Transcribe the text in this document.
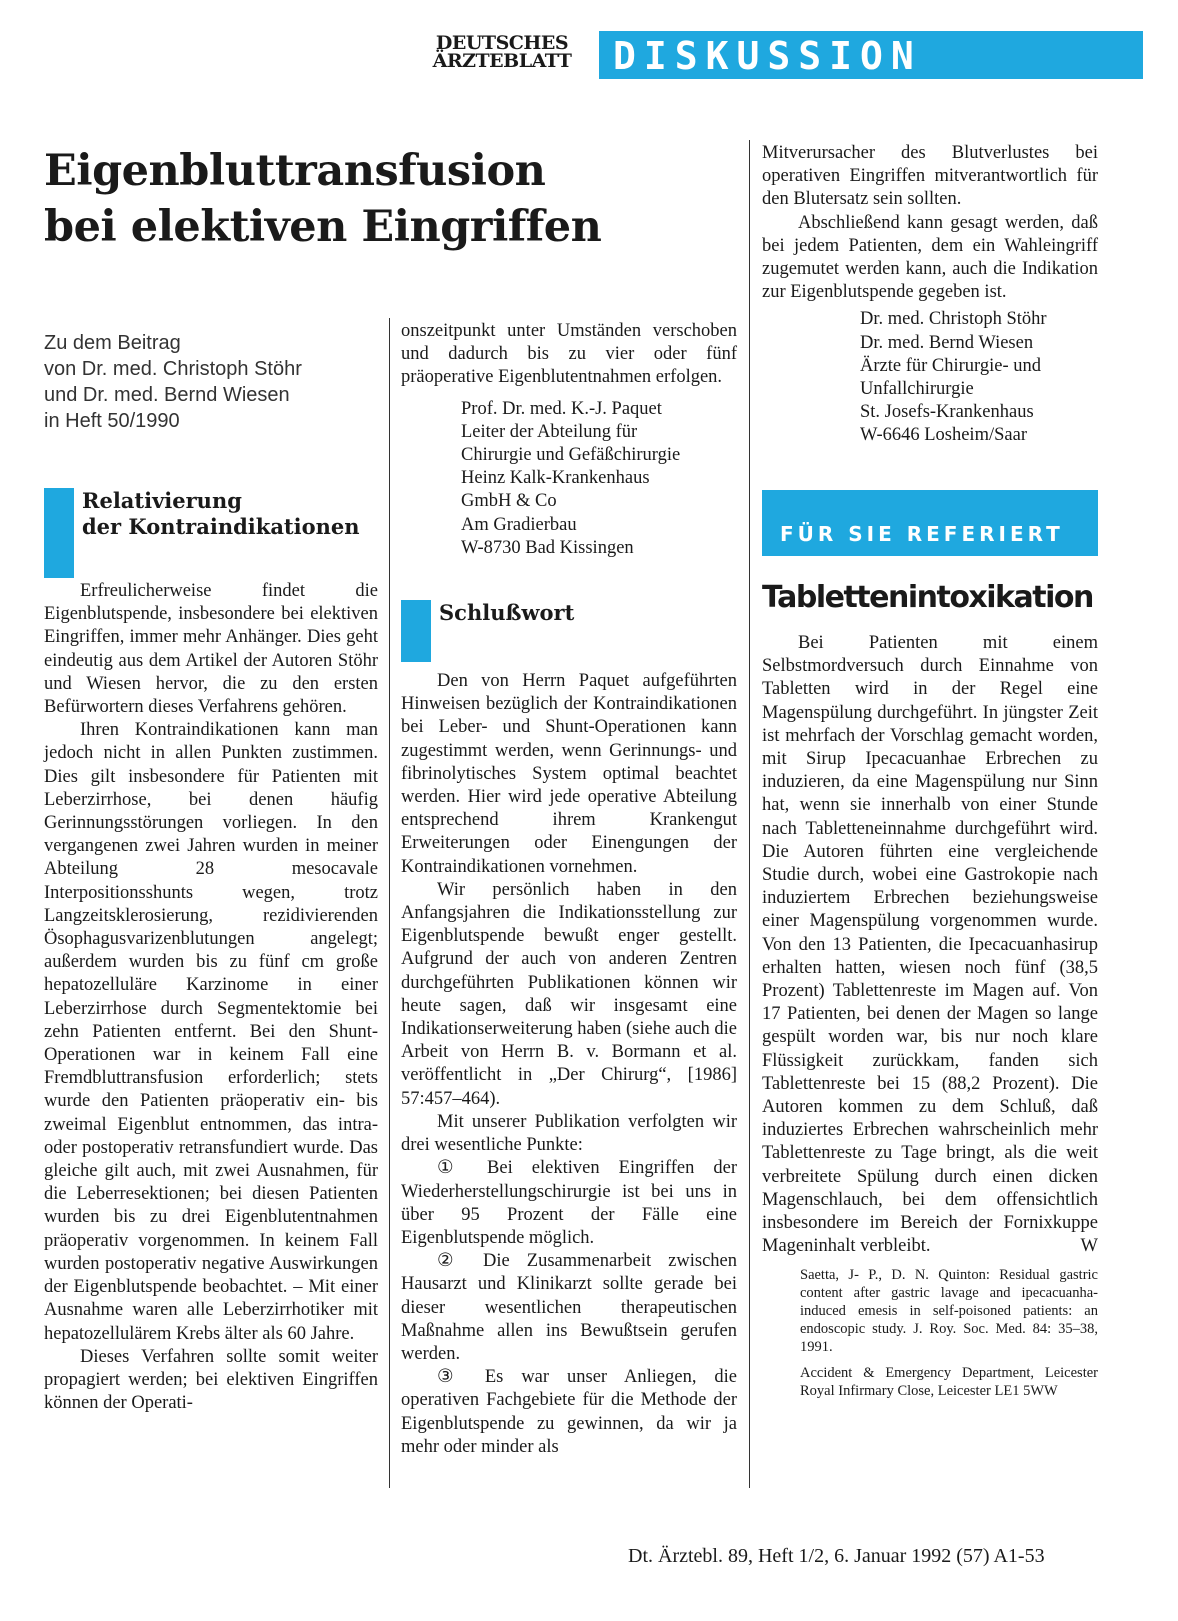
DEUTSCHES
ÄRZTEBLATT	DISKUSSION
Eigenbluttransfusion
bei elektiven Eingriffen
Zu dem Beitrag
von Dr. med. Christoph Stöhr
und Dr. med. Bernd Wiesen
in Heft 50/1990
Relativierung
der Kontraindikationen

Erfreulicherweise findet die Eigenblutspende, insbesondere bei elektiven Eingriffen, immer mehr Anhänger. Dies geht eindeutig aus dem Artikel der Autoren Stöhr und Wiesen hervor, die zu den ersten Befürwortern dieses Verfahrens gehören.

Ihren Kontraindikationen kann man jedoch nicht in allen Punkten zustimmen. Dies gilt insbesondere für Patienten mit Leberzirrhose, bei denen häufig Gerinnungsstörungen vorliegen. In den vergangenen zwei Jahren wurden in meiner Abteilung 28 mesocavale Interpositionsshunts wegen, trotz Langzeitsklerosierung, rezidivierenden Ösophagusvarizenblutungen angelegt; außerdem wurden bis zu fünf cm große hepatozelluläre Karzinome in einer Leberzirrhose durch Segmentektomie bei zehn Patienten entfernt. Bei den Shunt-Operationen war in keinem Fall eine Fremdbluttransfusion erforderlich; stets wurde den Patienten präoperativ ein- bis zweimal Eigenblut entnommen, das intra- oder postoperativ retransfundiert wurde. Das gleiche gilt auch, mit zwei Ausnahmen, für die Leberresektionen; bei diesen Patienten wurden bis zu drei Eigenblutentnahmen präoperativ vorgenommen. In keinem Fall wurden postoperativ negative Auswirkungen der Eigenblutspende beobachtet. – Mit einer Ausnahme waren alle Leberzirrhotiker mit hepatozellulärem Krebs älter als 60 Jahre.

Dieses Verfahren sollte somit weiter propagiert werden; bei elektiven Eingriffen können der Operati-

onszeitpunkt unter Umständen verschoben und dadurch bis zu vier oder fünf präoperative Eigenblutentnahmen erfolgen.

Prof. Dr. med. K.-J. Paquet
Leiter der Abteilung für
Chirurgie und Gefäßchirurgie
Heinz Kalk-Krankenhaus
GmbH & Co
Am Gradierbau
W-8730 Bad Kissingen
Schlußwort

Den von Herrn Paquet aufgeführten Hinweisen bezüglich der Kontraindikationen bei Leber- und Shunt-Operationen kann zugestimmt werden, wenn Gerinnungs- und fibrinolytisches System optimal beachtet werden. Hier wird jede operative Abteilung entsprechend ihrem Krankengut Erweiterungen oder Einengungen der Kontraindikationen vornehmen.

Wir persönlich haben in den Anfangsjahren die Indikationsstellung zur Eigenblutspende bewußt enger gestellt. Aufgrund der auch von anderen Zentren durchgeführten Publikationen können wir heute sagen, daß wir insgesamt eine Indikationserweiterung haben (siehe auch die Arbeit von Herrn B. v. Bormann et al. veröffentlicht in „Der Chirurg“, [1986] 57:457–464).

Mit unserer Publikation verfolgten wir drei wesentliche Punkte:

① Bei elektiven Eingriffen der Wiederherstellungschirurgie ist bei uns in über 95 Prozent der Fälle eine Eigenblutspende möglich.

② Die Zusammenarbeit zwischen Hausarzt und Klinikarzt sollte gerade bei dieser wesentlichen therapeutischen Maßnahme allen ins Bewußtsein gerufen werden.

③ Es war unser Anliegen, die operativen Fachgebiete für die Methode der Eigenblutspende zu gewinnen, da wir ja mehr oder minder als

Mitverursacher des Blutverlustes bei operativen Eingriffen mitverantwortlich für den Blutersatz sein sollten.

Abschließend kann gesagt werden, daß bei jedem Patienten, dem ein Wahleingriff zugemutet werden kann, auch die Indikation zur Eigenblutspende gegeben ist.

Dr. med. Christoph Stöhr
Dr. med. Bernd Wiesen
Ärzte für Chirurgie- und
Unfallchirurgie
St. Josefs-Krankenhaus
W-6646 Losheim/Saar
FÜR SIE REFERIERT
Tablettenintoxikation

Bei Patienten mit einem Selbstmordversuch durch Einnahme von Tabletten wird in der Regel eine Magenspülung durchgeführt. In jüngster Zeit ist mehrfach der Vorschlag gemacht worden, mit Sirup Ipecacuanhae Erbrechen zu induzieren, da eine Magenspülung nur Sinn hat, wenn sie innerhalb von einer Stunde nach Tabletteneinnahme durchgeführt wird. Die Autoren führten eine vergleichende Studie durch, wobei eine Gastrokopie nach induziertem Erbrechen beziehungsweise einer Magenspülung vorgenommen wurde. Von den 13 Patienten, die Ipecacuanhasirup erhalten hatten, wiesen noch fünf (38,5 Prozent) Tablettenreste im Magen auf. Von 17 Patienten, bei denen der Magen so lange gespült worden war, bis nur noch klare Flüssigkeit zurückkam, fanden sich Tablettenreste bei 15 (88,2 Prozent). Die Autoren kommen zu dem Schluß, daß induziertes Erbrechen wahrscheinlich mehr Tablettenreste zu Tage bringt, als die weit verbreitete Spülung durch einen dicken Magenschlauch, bei dem offensichtlich insbesondere im Bereich der Fornixkuppe Mageninhalt verbleibt.	W

Saetta, J- P., D. N. Quinton: Residual gastric content after gastric lavage and ipecacuanha-induced emesis in self-poisoned patients: an endoscopic study. J. Roy. Soc. Med. 84: 35–38, 1991.

Accident & Emergency Department, Leicester Royal Infirmary Close, Leicester LE1 5WW

Dt. Ärztebl. 89, Heft 1/2, 6. Januar 1992 (57) A1-53
